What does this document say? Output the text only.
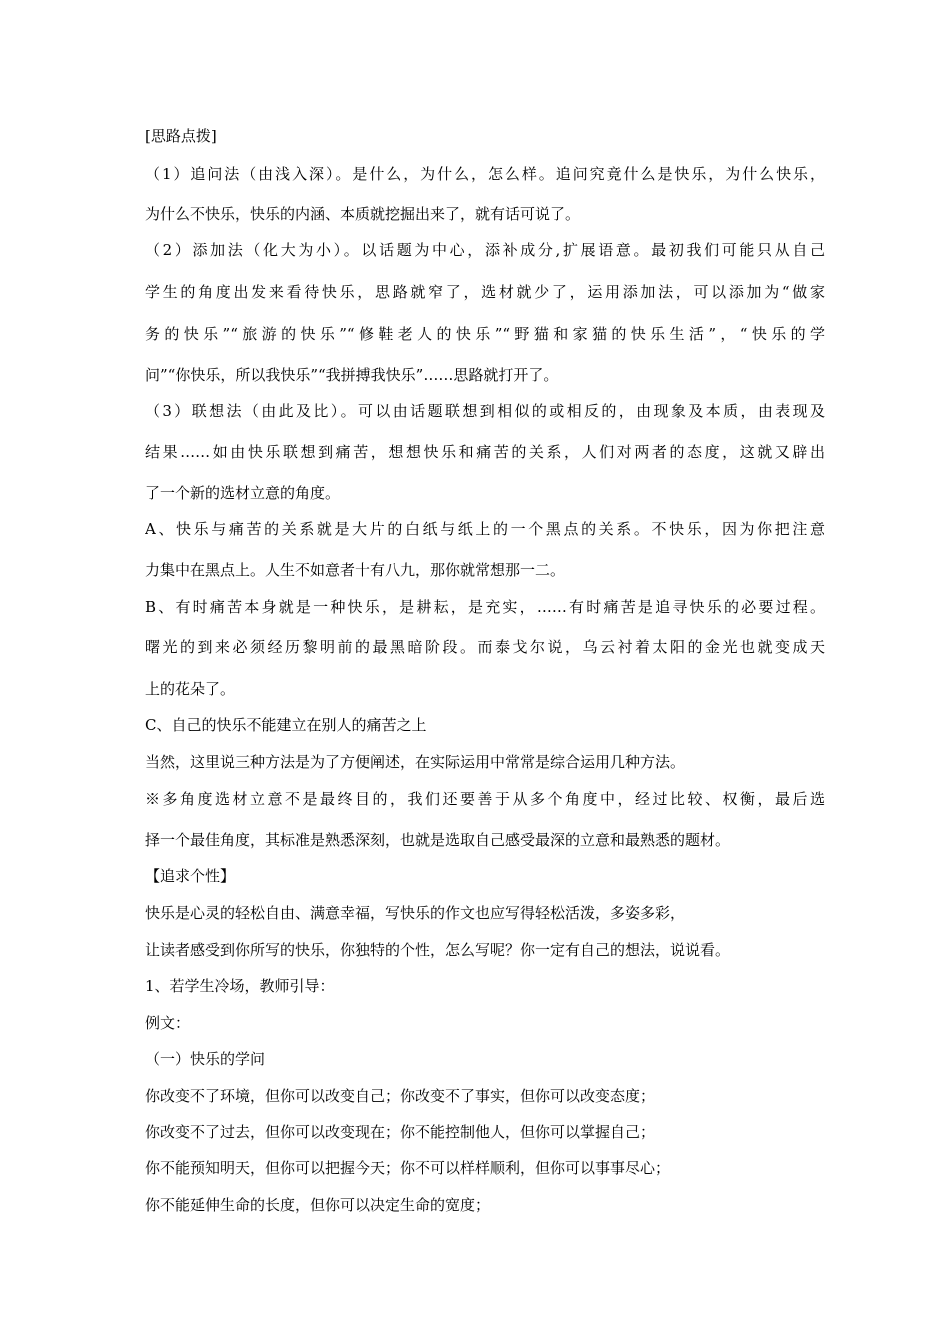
[思路点拨]
（1）追问法（由浅入深）。是什么，为什么，怎么样。追问究竟什么是快乐，为什么快乐，
为什么不快乐，快乐的内涵、本质就挖掘出来了，就有话可说了。
（2）添加法（化大为小）。以话题为中心，添补成分,扩展语意。最初我们可能只从自己
学生的角度出发来看待快乐，思路就窄了，选材就少了，运用添加法，可以添加为“做家
务的快乐”“旅游的快乐”“修鞋老人的快乐”“野猫和家猫的快乐生活”，“快乐的学
问”“你快乐，所以我快乐”“我拼搏我快乐”……思路就打开了。
（3）联想法（由此及比）。可以由话题联想到相似的或相反的，由现象及本质，由表现及
结果……如由快乐联想到痛苦，想想快乐和痛苦的关系，人们对两者的态度，这就又辟出
了一个新的选材立意的角度。
A、快乐与痛苦的关系就是大片的白纸与纸上的一个黑点的关系。不快乐，因为你把注意
力集中在黑点上。人生不如意者十有八九，那你就常想那一二。
B、有时痛苦本身就是一种快乐，是耕耘，是充实，……有时痛苦是追寻快乐的必要过程。
曙光的到来必须经历黎明前的最黑暗阶段。而泰戈尔说，乌云衬着太阳的金光也就变成天
上的花朵了。
C、自己的快乐不能建立在别人的痛苦之上
当然，这里说三种方法是为了方便阐述，在实际运用中常常是综合运用几种方法。
※多角度选材立意不是最终目的，我们还要善于从多个角度中，经过比较、权衡，最后选
择一个最佳角度，其标准是熟悉深刻，也就是选取自己感受最深的立意和最熟悉的题材。
【追求个性】
快乐是心灵的轻松自由、满意幸福，写快乐的作文也应写得轻松活泼，多姿多彩，
让读者感受到你所写的快乐，你独特的个性，怎么写呢？你一定有自己的想法，说说看。
1、若学生冷场，教师引导：
例文：
（一）快乐的学问
你改变不了环境，但你可以改变自己；你改变不了事实，但你可以改变态度；
你改变不了过去，但你可以改变现在；你不能控制他人，但你可以掌握自己；
你不能预知明天，但你可以把握今天；你不可以样样顺利，但你可以事事尽心；
你不能延伸生命的长度，但你可以决定生命的宽度；
